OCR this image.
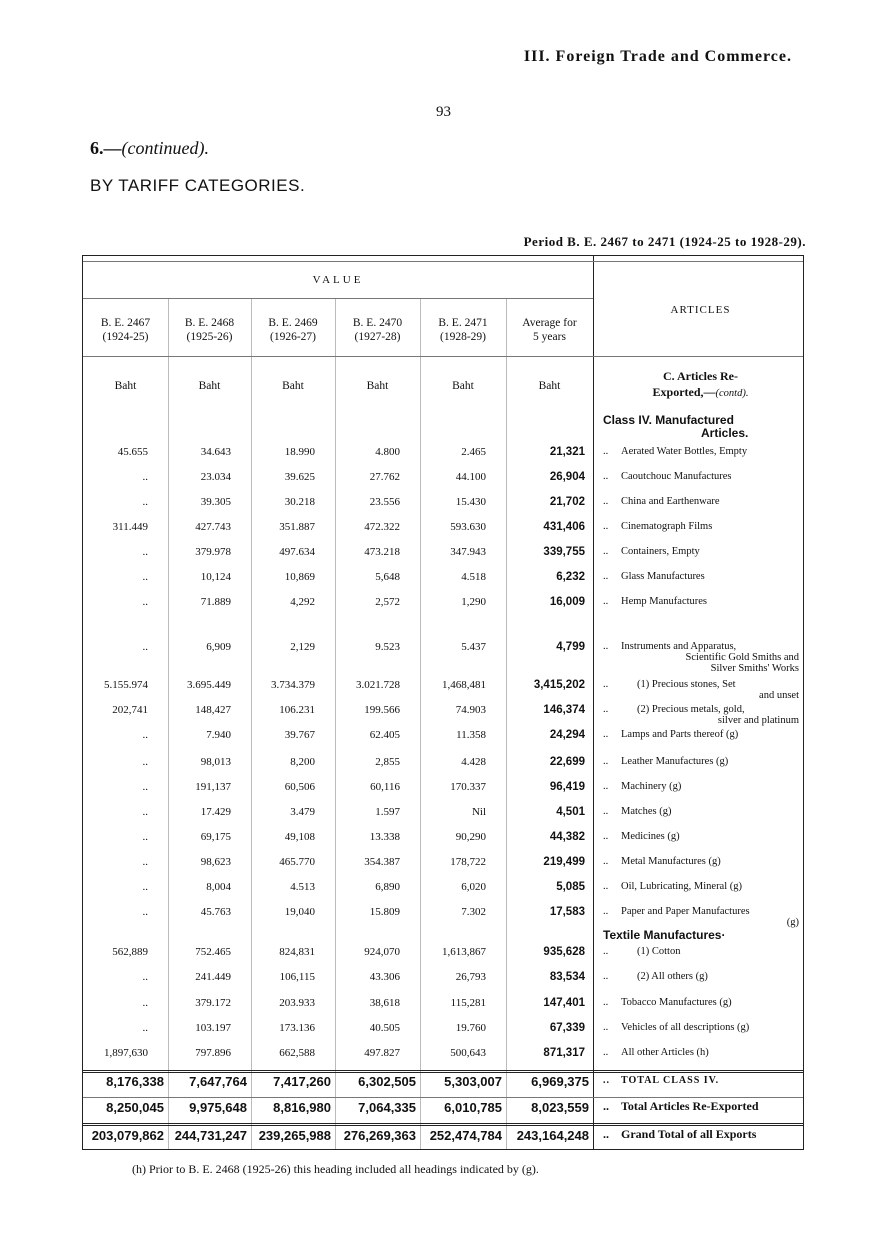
III. Foreign Trade and Commerce.
93
6.—(continued).
BY TARIFF CATEGORIES.
Period B. E. 2467 to 2471 (1924-25 to 1928-29).
VALUE
ARTICLES
C. Articles Re-
Exported,—(contd).
Class IV. Manufactured
Articles.
Textile Manufactures·
B. E. 2467
(1924-25)
Baht
B. E. 2468
(1925-26)
Baht
B. E. 2469
(1926-27)
Baht
B. E. 2470
(1927-28)
Baht
B. E. 2471
(1928-29)
Baht
Average for
5 years
Baht
45.655	34.643	18.990	4.800	2.465	21,321 .. Aerated Water Bottles, Empty
..	23.034	39.625	27.762	44.100	26,904 .. Caoutchouc Manufactures
..	39.305	30.218	23.556	15.430	21,702 .. China and Earthenware
311.449	427.743	351.887	472.322	593.630	431,406 .. Cinematograph Films
..	379.978	497.634	473.218	347.943	339,755 .. Containers, Empty
..	10,124	10,869	5,648	4.518	6,232 .. Glass Manufactures
..	71.889	4,292	2,572	1,290	16,009 .. Hemp Manufactures
..	6,909	2,129	9.523	5.437	4,799 .. Instruments and Apparatus,
Scientific Gold Smiths and
Silver Smiths' Works
5.155.974	3.695.449	3.734.379	3.021.728	1,468,481	3,415,202 ..	(1) Precious stones, Set
and unset
202,741	148,427	106.231	199.566	74.903	146,374 ..	(2) Precious metals, gold,
silver and platinum
..	7.940	39.767	62.405	11.358	24,294 .. Lamps and Parts thereof (g)
..	98,013	8,200	2,855	4.428	22,699 .. Leather Manufactures (g)
..	191,137	60,506	60,116	170.337	96,419 .. Machinery (g)
..	17.429	3.479	1.597	Nil	4,501 .. Matches (g)
..	69,175	49,108	13.338	90,290	44,382 .. Medicines (g)
..	98,623	465.770	354.387	178,722	219,499 .. Metal Manufactures (g)
..	8,004	4.513	6,890	6,020	5,085 .. Oil, Lubricating, Mineral (g)
..	45.763	19,040	15.809	7.302	17,583 .. Paper and Paper Manufactures
(g)
562,889	752.465	824,831	924,070	1,613,867	935,628 ..	(1) Cotton
..	241.449	106,115	43.306	26,793	83,534 ..	(2) All others (g)
..	379.172	203.933	38,618	115,281	147,401 .. Tobacco Manufactures (g)
..	103.197	173.136	40.505	19.760	67,339 .. Vehicles of all descriptions (g)
1,897,630	797.896	662,588	497.827	500,643	871,317 .. All other Articles (h)
8,176,338	7,647,764	7,417,260	6,302,505	5,303,007	6,969,375 .. TOTAL CLASS IV.
8,250,045	9,975,648	8,816,980	7,064,335	6,010,785	8,023,559 .. Total Articles Re-Exported
203,079,862 244,731,247 239,265,988 276,269,363	252,474,784	243,164,248 .. Grand Total of all Exports
(h) Prior to B. E. 2468 (1925-26) this heading included all headings indicated by (g).
